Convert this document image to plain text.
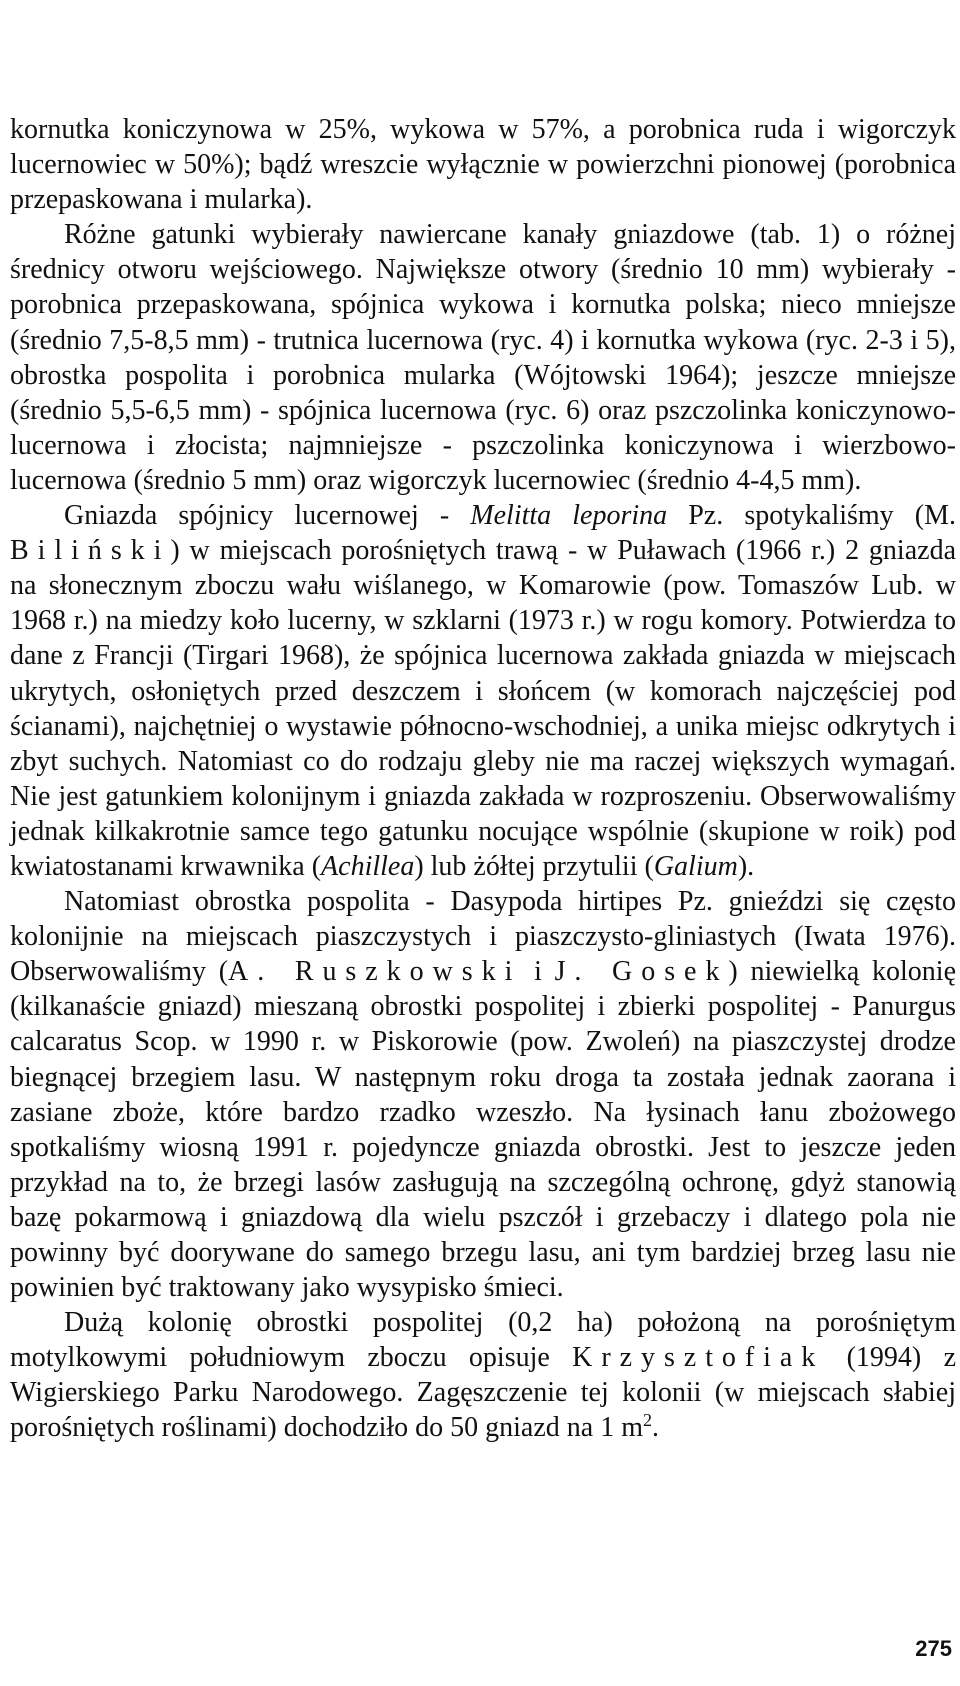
kornutka koniczynowa w 25%, wykowa w 57%, a porobnica ruda i wigorczyk lucernowiec w 50%); bądź wreszcie wyłącznie w powierzchni pionowej (porobnica przepaskowana i mularka).

Różne gatunki wybierały nawiercane kanały gniazdowe (tab. 1) o różnej średnicy otworu wejściowego. Największe otwory (średnio 10 mm) wybierały - porobnica przepaskowana, spójnica wykowa i kornutka polska; nieco mniejsze (średnio 7,5-8,5 mm) - trutnica lucernowa (ryc. 4) i kornutka wykowa (ryc. 2-3 i 5), obrostka pospolita i porobnica mularka (Wójtowski 1964); jeszcze mniejsze (średnio 5,5-6,5 mm) - spójnica lucernowa (ryc. 6) oraz pszczolinka koniczynowo-lucernowa i złocista; najmniejsze - pszczolinka koniczynowa i wierzbowo-lucernowa (średnio 5 mm) oraz wigorczyk lucernowiec (średnio 4-4,5 mm).

Gniazda spójnicy lucernowej - Melitta leporina Pz. spotykaliśmy (M. Biliński) w miejscach porośniętych trawą - w Puławach (1966 r.) 2 gniazda na słonecznym zboczu wału wiślanego, w Komarowie (pow. Tomaszów Lub. w 1968 r.) na miedzy koło lucerny, w szklarni (1973 r.) w rogu komory. Potwierdza to dane z Francji (Tirgari 1968), że spójnica lucernowa zakłada gniazda w miejscach ukrytych, osłoniętych przed deszczem i słońcem (w komorach najczęściej pod ścianami), najchętniej o wystawie północno-wschodniej, a unika miejsc odkrytych i zbyt suchych. Natomiast co do rodzaju gleby nie ma raczej większych wymagań. Nie jest gatunkiem kolonijnym i gniazda zakłada w rozproszeniu. Obserwowaliśmy jednak kilkakrotnie samce tego gatunku nocujące wspólnie (skupione w roik) pod kwiatostanami krwawnika (Achillea) lub żółtej przytulii (Galium).

Natomiast obrostka pospolita - Dasypoda hirtipes Pz. gnieździ się często kolonijnie na miejscach piaszczystych i piaszczysto-gliniastych (Iwata 1976). Obserwowaliśmy (A. Ruszkowski i J. Gosek) niewielką kolonię (kilkanaście gniazd) mieszaną obrostki pospolitej i zbierki pospolitej - Panurgus calcaratus Scop. w 1990 r. w Piskorowie (pow. Zwoleń) na piaszczystej drodze biegnącej brzegiem lasu. W następnym roku droga ta została jednak zaorana i zasiane zboże, które bardzo rzadko wzeszło. Na łysinach łanu zbożowego spotkaliśmy wiosną 1991 r. pojedyncze gniazda obrostki. Jest to jeszcze jeden przykład na to, że brzegi lasów zasługują na szczególną ochronę, gdyż stanowią bazę pokarmową i gniazdową dla wielu pszczół i grzebaczy i dlatego pola nie powinny być doorywane do samego brzegu lasu, ani tym bardziej brzeg lasu nie powinien być traktowany jako wysypisko śmieci.

Dużą kolonię obrostki pospolitej (0,2 ha) położoną na porośniętym motylkowymi południowym zboczu opisuje Krzysztofiak (1994) z Wigierskiego Parku Narodowego. Zagęszczenie tej kolonii (w miejscach słabiej porośniętych roślinami) dochodziło do 50 gniazd na 1 $m^2$.

275
